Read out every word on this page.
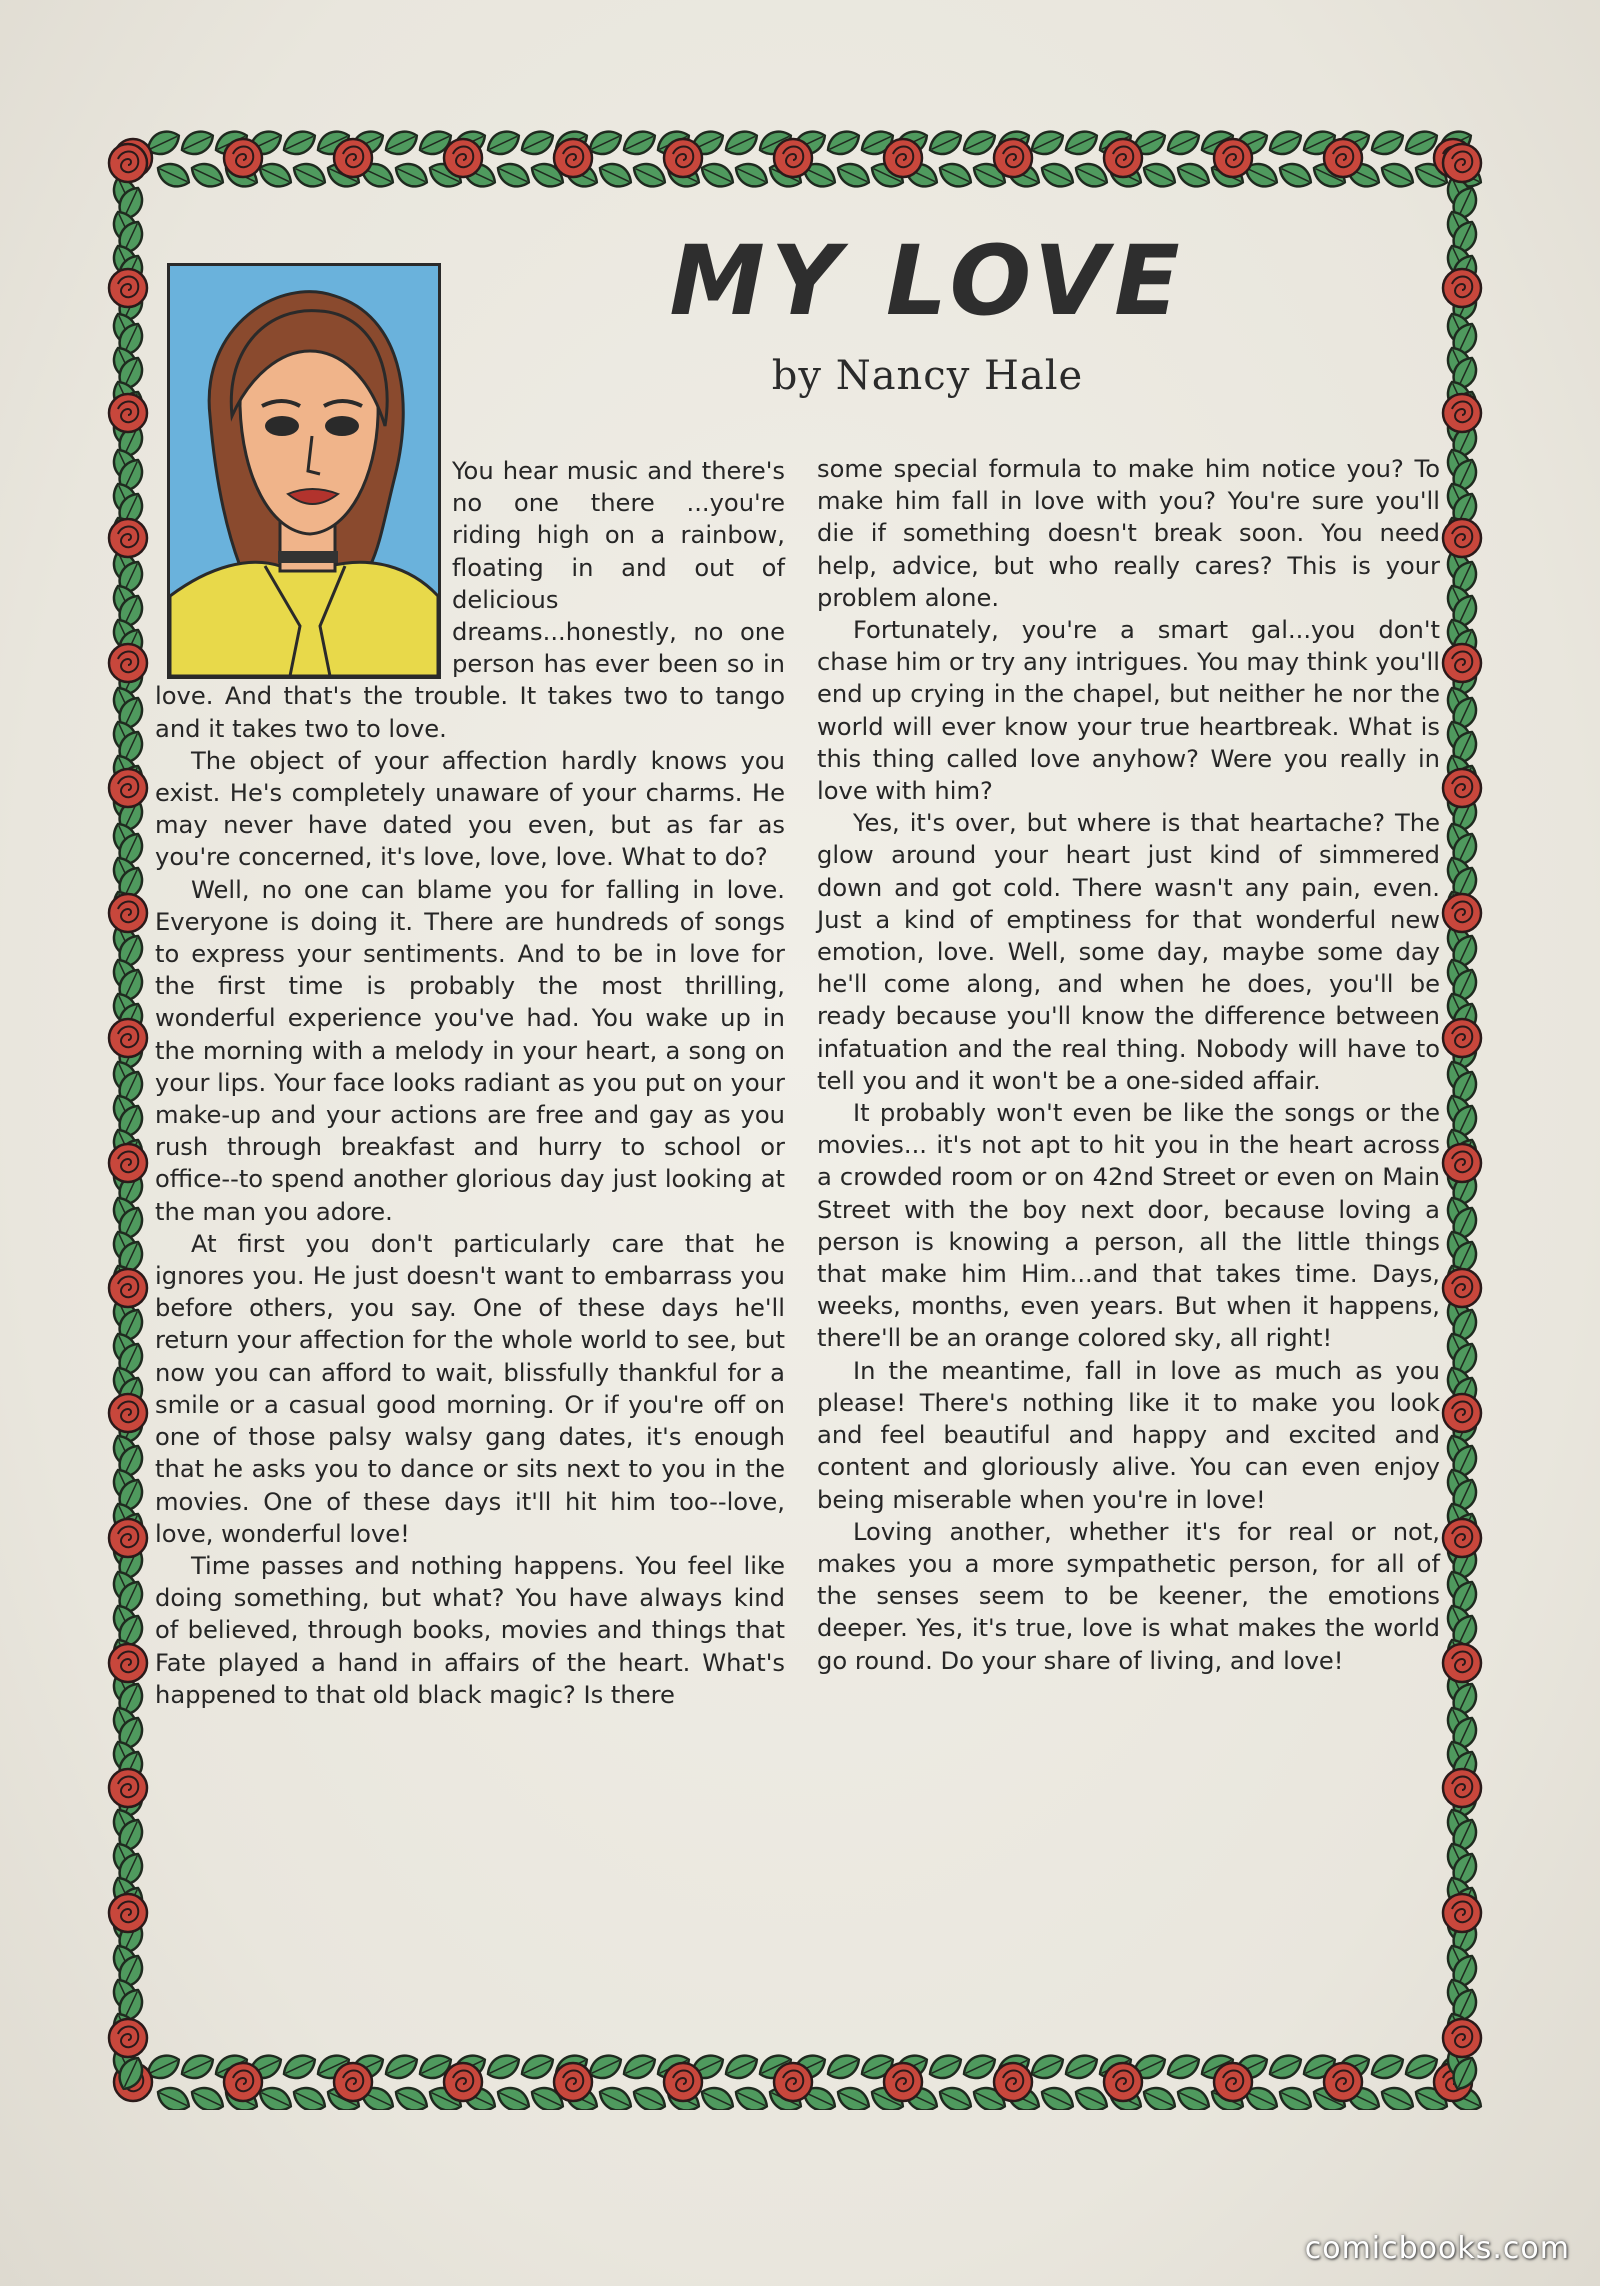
MY LOVE
by Nancy Hale

You hear music and there's no one there ...you're riding high on a rainbow, floating in and out of delicious dreams...honestly, no one person has ever been so in love. And that's the trouble. It takes two to tango and it takes two to love.

The object of your affection hardly knows you exist. He's completely unaware of your charms. He may never have dated you even, but as far as you're concerned, it's love, love, love. What to do?

Well, no one can blame you for falling in love. Everyone is doing it. There are hundreds of songs to express your sentiments. And to be in love for the first time is probably the most thrilling, wonderful experience you've had. You wake up in the morning with a melody in your heart, a song on your lips. Your face looks radiant as you put on your make-up and your actions are free and gay as you rush through breakfast and hurry to school or office--to spend another glorious day just looking at the man you adore.

At first you don't particularly care that he ignores you. He just doesn't want to embarrass you before others, you say. One of these days he'll return your affection for the whole world to see, but now you can afford to wait, blissfully thankful for a smile or a casual good morning. Or if you're off on one of those palsy walsy gang dates, it's enough that he asks you to dance or sits next to you in the movies. One of these days it'll hit him too--love, love, wonderful love!

Time passes and nothing happens. You feel like doing something, but what? You have always kind of believed, through books, movies and things that Fate played a hand in affairs of the heart. What's happened to that old black magic? Is there

some special formula to make him notice you? To make him fall in love with you? You're sure you'll die if something doesn't break soon. You need help, advice, but who really cares? This is your problem alone.

Fortunately, you're a smart gal...you don't chase him or try any intrigues. You may think you'll end up crying in the chapel, but neither he nor the world will ever know your true heartbreak. What is this thing called love anyhow? Were you really in love with him?

Yes, it's over, but where is that heartache? The glow around your heart just kind of simmered down and got cold. There wasn't any pain, even. Just a kind of emptiness for that wonderful new emotion, love. Well, some day, maybe some day he'll come along, and when he does, you'll be ready because you'll know the difference between infatuation and the real thing. Nobody will have to tell you and it won't be a one-sided affair.

It probably won't even be like the songs or the movies... it's not apt to hit you in the heart across a crowded room or on 42nd Street or even on Main Street with the boy next door, because loving a person is knowing a person, all the little things that make him Him...and that takes time. Days, weeks, months, even years. But when it happens, there'll be an orange colored sky, all right!

In the meantime, fall in love as much as you please! There's nothing like it to make you look and feel beautiful and happy and excited and content and gloriously alive. You can even enjoy being miserable when you're in love!

Loving another, whether it's for real or not, makes you a more sympathetic person, for all of the senses seem to be keener, the emotions deeper. Yes, it's true, love is what makes the world go round. Do your share of living, and love!

comicbooks.com
